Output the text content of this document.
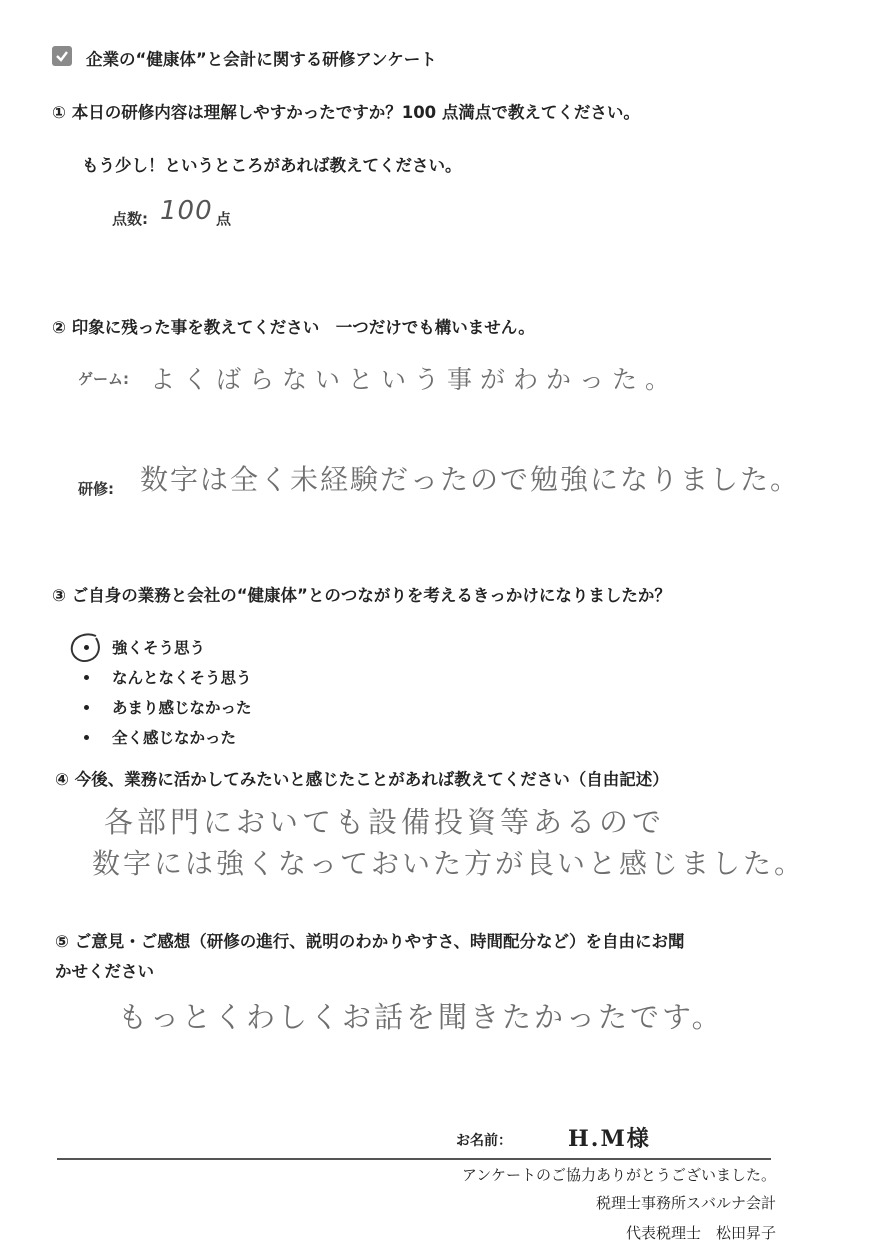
企業の“健康体”と会計に関する研修アンケート
① 本日の研修内容は理解しやすかったですか？100 点満点で教えてください。
もう少し！というところがあれば教えてください。
点数: 100 点
② 印象に残った事を教えてください　一つだけでも構いません。
ゲーム: よくばらないという事がわかった。
研修: 数字は全く未経験だったので勉強になりました。
③ ご自身の業務と会社の“健康体”とのつながりを考えるきっかけになりましたか？
強くそう思う
なんとなくそう思う
あまり感じなかった
全く感じなかった
④ 今後、業務に活かしてみたいと感じたことがあれば教えてください（自由記述）
各部門においても設備投資等あるので
数字には強くなっておいた方が良いと感じました。
⑤ ご意見・ご感想（研修の進行、説明のわかりやすさ、時間配分など）を自由にお聞
かせください
もっとくわしくお話を聞きたかったです。
お名前：	H.M様
アンケートのご協力ありがとうございました。
税理士事務所スバルナ会計
代表税理士　松田昇子
